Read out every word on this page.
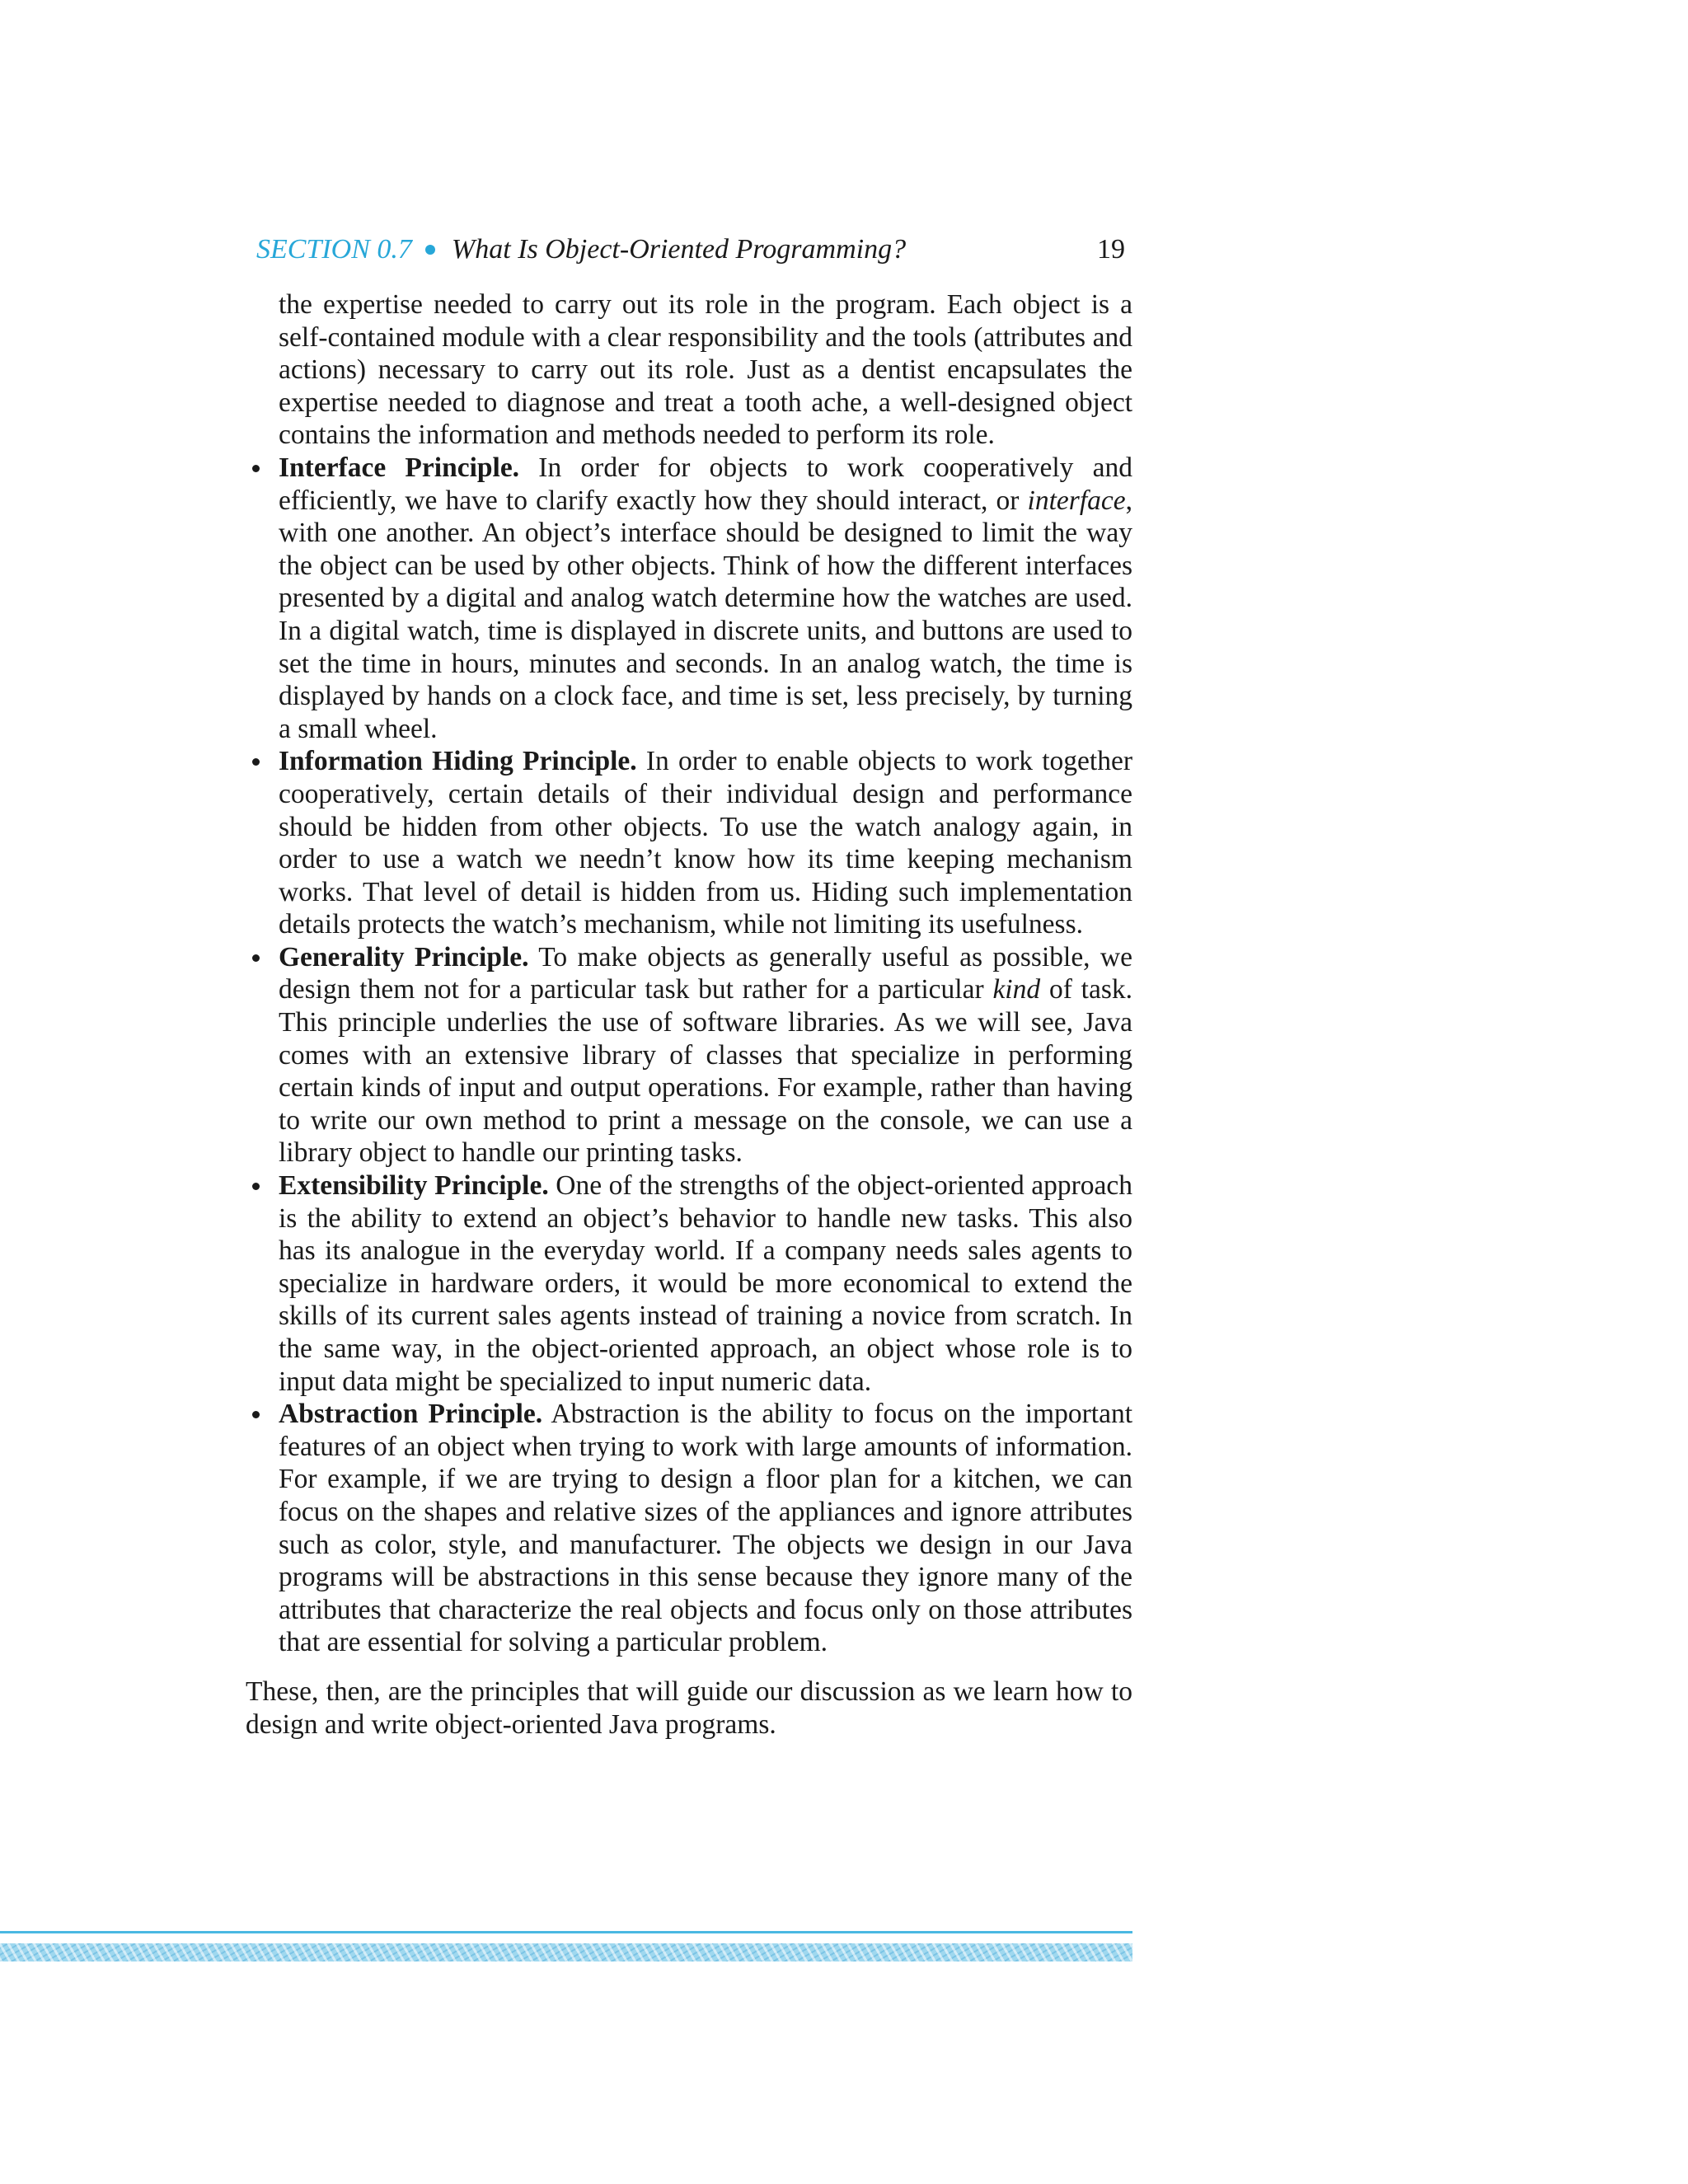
SECTION 0.7 What Is Object-Oriented Programming?	19

the expertise needed to carry out its role in the program. Each object is a self-contained module with a clear responsibility and the tools (attributes and actions) necessary to carry out its role. Just as a dentist encapsulates the expertise needed to diagnose and treat a tooth ache, a well-designed object contains the information and methods needed to perform its role.

Interface Principle. In order for objects to work cooperatively and efficiently, we have to clarify exactly how they should interact, or interface, with one another. An object’s interface should be designed to limit the way the object can be used by other objects. Think of how the different interfaces presented by a digital and analog watch determine how the watches are used. In a digital watch, time is displayed in discrete units, and buttons are used to set the time in hours, minutes and seconds. In an analog watch, the time is displayed by hands on a clock face, and time is set, less precisely, by turning a small wheel.

Information Hiding Principle. In order to enable objects to work together cooperatively, certain details of their individual design and performance should be hidden from other objects. To use the watch analogy again, in order to use a watch we needn’t know how its time keeping mechanism works. That level of detail is hidden from us. Hiding such implementation details protects the watch’s mechanism, while not limiting its usefulness.

Generality Principle. To make objects as generally useful as possible, we design them not for a particular task but rather for a particular kind of task. This principle underlies the use of software libraries. As we will see, Java comes with an extensive library of classes that specialize in performing certain kinds of input and output operations. For example, rather than having to write our own method to print a message on the console, we can use a library object to handle our printing tasks.

Extensibility Principle. One of the strengths of the object-oriented approach is the ability to extend an object’s behavior to handle new tasks. This also has its analogue in the everyday world. If a company needs sales agents to specialize in hardware orders, it would be more economical to extend the skills of its current sales agents instead of training a novice from scratch. In the same way, in the object-oriented approach, an object whose role is to input data might be specialized to input numeric data.

Abstraction Principle. Abstraction is the ability to focus on the important features of an object when trying to work with large amounts of information. For example, if we are trying to design a floor plan for a kitchen, we can focus on the shapes and relative sizes of the appliances and ignore attributes such as color, style, and manufacturer. The objects we design in our Java programs will be abstractions in this sense because they ignore many of the attributes that characterize the real objects and focus only on those attributes that are essential for solving a particular problem.

These, then, are the principles that will guide our discussion as we learn how to design and write object-oriented Java programs.
